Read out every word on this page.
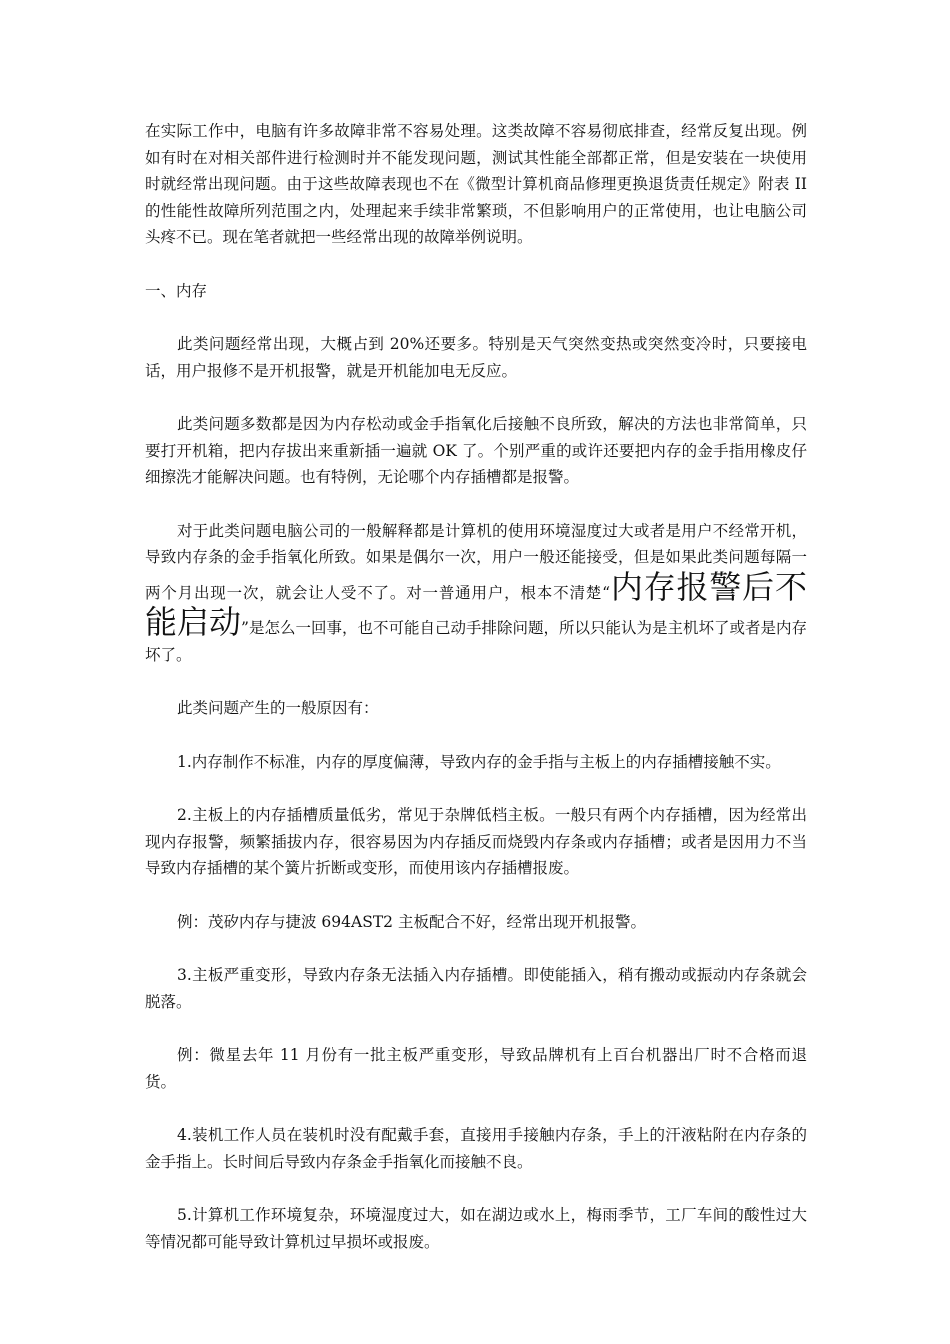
在实际工作中，电脑有许多故障非常不容易处理。这类故障不容易彻底排查，经常反复出现。例如有时在对相关部件进行检测时并不能发现问题，测试其性能全部都正常，但是安装在一块使用时就经常出现问题。由于这些故障表现也不在《微型计算机商品修理更换退货责任规定》附表 II 的性能性故障所列范围之内，处理起来手续非常繁琐，不但影响用户的正常使用，也让电脑公司头疼不已。现在笔者就把一些经常出现的故障举例说明。

一、内存

此类问题经常出现，大概占到 20%还要多。特别是天气突然变热或突然变冷时，只要接电话，用户报修不是开机报警，就是开机能加电无反应。

此类问题多数都是因为内存松动或金手指氧化后接触不良所致，解决的方法也非常简单，只要打开机箱，把内存拔出来重新插一遍就 OK 了。个别严重的或许还要把内存的金手指用橡皮仔细擦洗才能解决问题。也有特例，无论哪个内存插槽都是报警。

对于此类问题电脑公司的一般解释都是计算机的使用环境湿度过大或者是用户不经常开机，导致内存条的金手指氧化所致。如果是偶尔一次，用户一般还能接受，但是如果此类问题每隔一两个月出现一次，就会让人受不了。对一普通用户，根本不清楚“内存报警后不能启动”是怎么一回事，也不可能自己动手排除问题，所以只能认为是主机坏了或者是内存坏了。

此类问题产生的一般原因有：

1.内存制作不标准，内存的厚度偏薄，导致内存的金手指与主板上的内存插槽接触不实。

2.主板上的内存插槽质量低劣，常见于杂牌低档主板。一般只有两个内存插槽，因为经常出现内存报警，频繁插拔内存，很容易因为内存插反而烧毁内存条或内存插槽；或者是因用力不当导致内存插槽的某个簧片折断或变形，而使用该内存插槽报废。

例：茂矽内存与捷波 694AST2 主板配合不好，经常出现开机报警。

3.主板严重变形，导致内存条无法插入内存插槽。即使能插入，稍有搬动或振动内存条就会脱落。

例：微星去年 11 月份有一批主板严重变形，导致品牌机有上百台机器出厂时不合格而退货。

4.装机工作人员在装机时没有配戴手套，直接用手接触内存条，手上的汗液粘附在内存条的金手指上。长时间后导致内存条金手指氧化而接触不良。

5.计算机工作环境复杂，环境湿度过大，如在湖边或水上，梅雨季节，工厂车间的酸性过大等情况都可能导致计算机过早损坏或报废。
